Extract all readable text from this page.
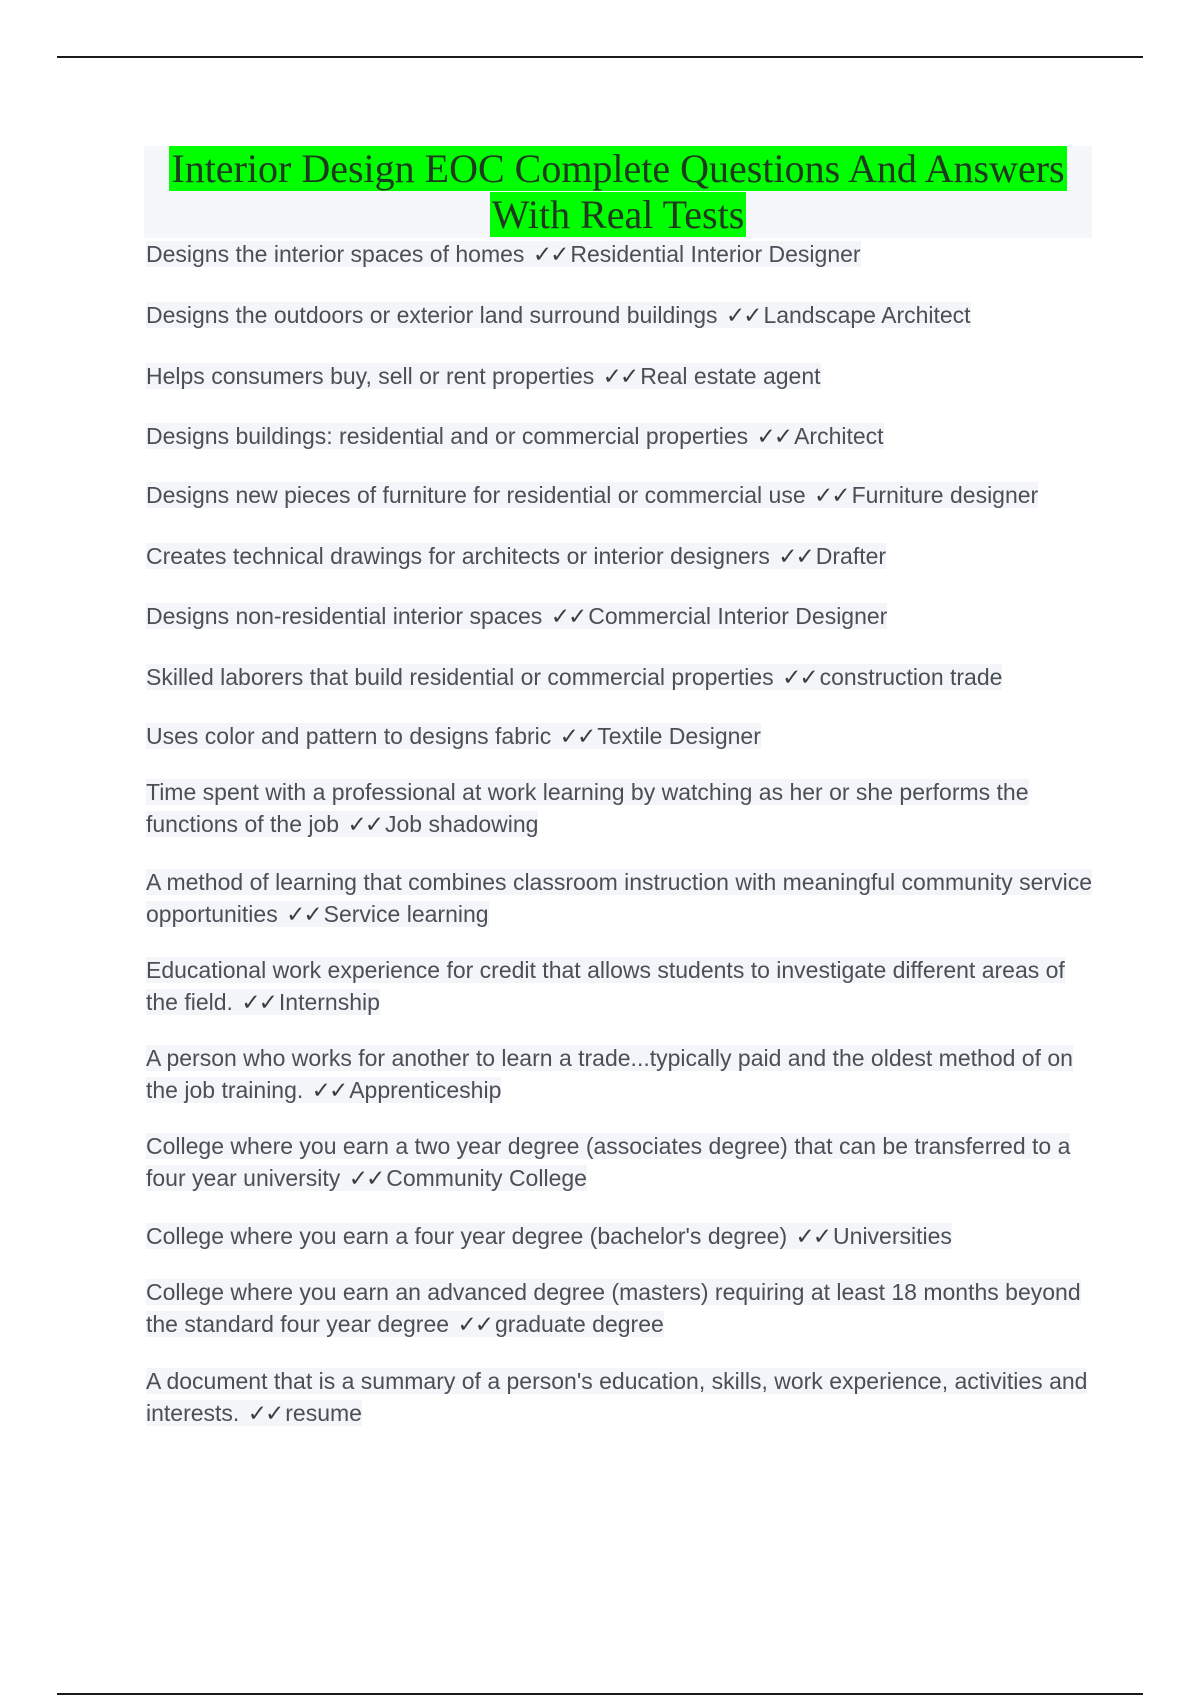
Interior Design EOC Complete Questions And Answers With Real Tests
Designs the interior spaces of homes ✓✓ Residential Interior Designer
Designs the outdoors or exterior land surround buildings ✓✓ Landscape Architect
Helps consumers buy, sell or rent properties ✓✓ Real estate agent
Designs buildings: residential and or commercial properties ✓✓ Architect
Designs new pieces of furniture for residential or commercial use ✓✓ Furniture designer
Creates technical drawings for architects or interior designers ✓✓ Drafter
Designs non-residential interior spaces ✓✓ Commercial Interior Designer
Skilled laborers that build residential or commercial properties ✓✓ construction trade
Uses color and pattern to designs fabric ✓✓ Textile Designer
Time spent with a professional at work learning by watching as her or she performs the functions of the job ✓✓ Job shadowing
A method of learning that combines classroom instruction with meaningful community service opportunities ✓✓ Service learning
Educational work experience for credit that allows students to investigate different areas of the field. ✓✓ Internship
A person who works for another to learn a trade...typically paid and the oldest method of on the job training. ✓✓ Apprenticeship
College where you earn a two year degree (associates degree) that can be transferred to a four year university ✓✓ Community College
College where you earn a four year degree (bachelor's degree) ✓✓ Universities
College where you earn an advanced degree (masters) requiring at least 18 months beyond the standard four year degree ✓✓ graduate degree
A document that is a summary of a person's education, skills, work experience, activities and interests. ✓✓ resume
